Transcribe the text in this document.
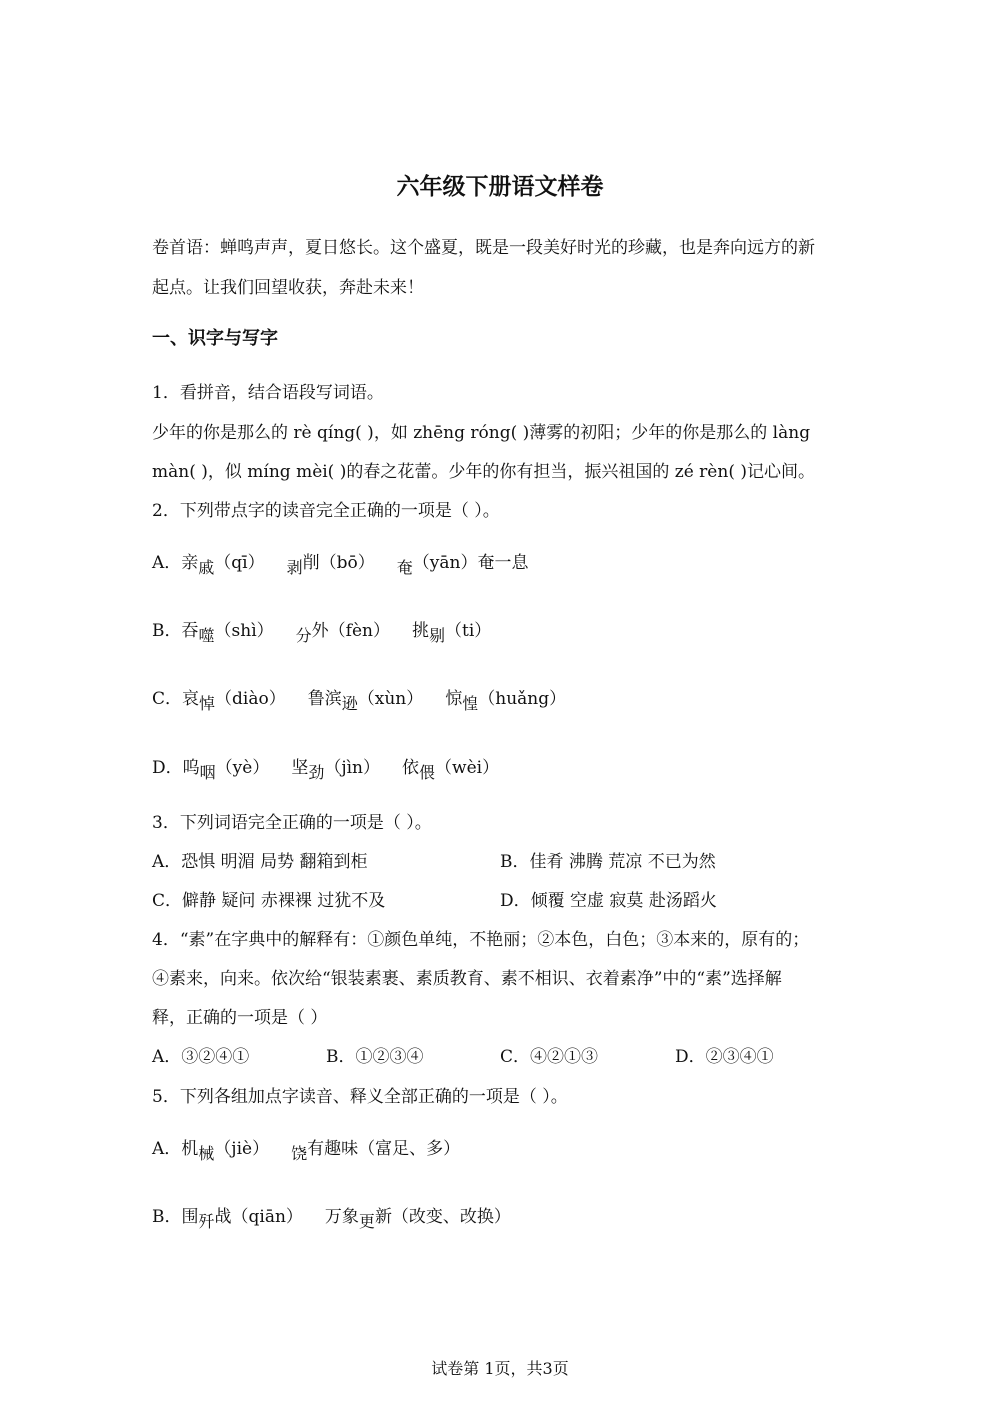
六年级下册语文样卷
卷首语：蝉鸣声声，夏日悠长。这个盛夏，既是一段美好时光的珍藏，也是奔向远方的新
起点。让我们回望收获，奔赴未来！
一、识字与写字
1．看拼音，结合语段写词语。
少年的你是那么的 rè qíng( )，如 zhēng róng( )薄雾的初阳；少年的你是那么的 làng
màn( )，似 míng mèi( )的春之花蕾。少年的你有担当，振兴祖国的 zé rèn( )记心间。
2．下列带点字的读音完全正确的一项是（ ）。
A．亲戚（qī） 剥削（bō） 奄（yān）奄一息
B．吞噬（shì） 分外（fèn） 挑剔（ti）
C．哀悼（diào） 鲁滨逊（xùn） 惊惶（huǎng）
D．呜咽（yè） 坚劲（jìn） 依偎（wèi）
3．下列词语完全正确的一项是（ ）。
A．恐惧 明湄 局势 翻箱到柜	B．佳肴 沸腾 荒凉 不已为然
C．僻静 疑问 赤裸裸 过犹不及	D．倾覆 空虚 寂莫 赴汤蹈火
4．“素”在字典中的解释有：①颜色单纯，不艳丽；②本色，白色；③本来的，原有的；
④素来，向来。依次给“银装素裹、素质教育、素不相识、衣着素净”中的“素”选择解
释，正确的一项是（ ）
A．③②④①	B．①②③④	C．④②①③	D．②③④①
5．下列各组加点字读音、释义全部正确的一项是（ ）。
A．机械（jiè） 饶有趣味（富足、多）
B．围歼战（qiān） 万象更新（改变、改换）
试卷第 1页，共3页
